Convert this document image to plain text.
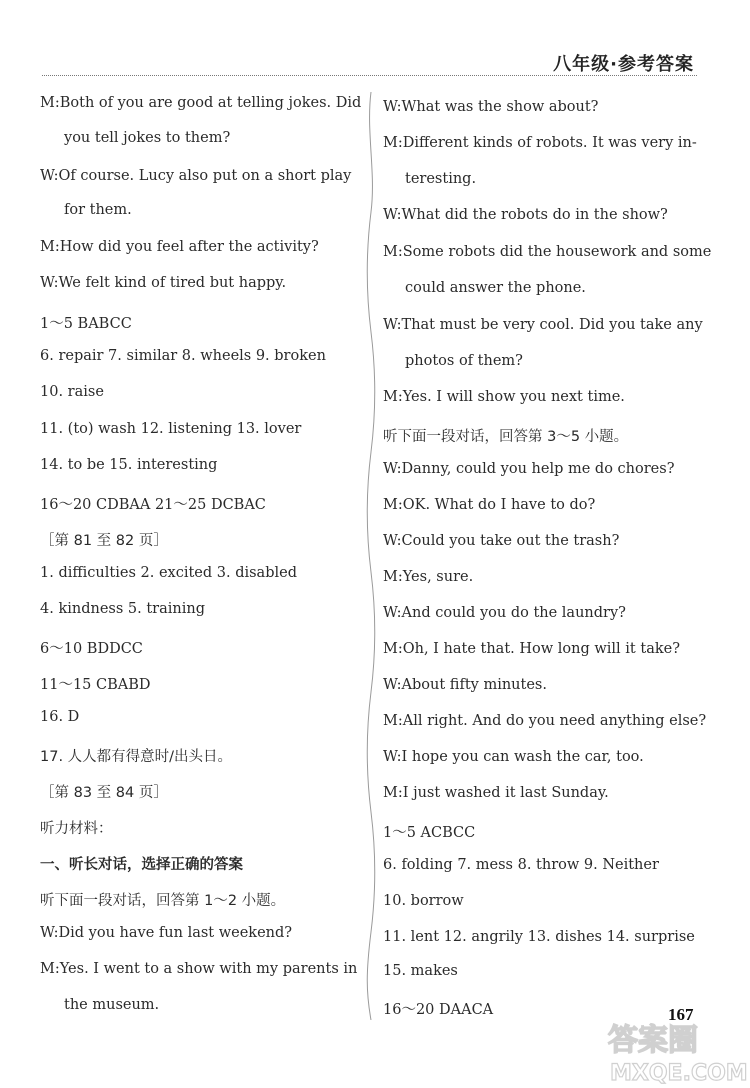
八年级·参考答案
M:Both of you are good at telling jokes. Did
you tell jokes to them?
W:Of course. Lucy also put on a short play
for them.
M:How did you feel after the activity?
W:We felt kind of tired but happy.
1～5 BABCC
6. repair 7. similar 8. wheels 9. broken
10. raise
11. (to) wash 12. listening 13. lover
14. to be 15. interesting
16～20 CDBAA 21～25 DCBAC
［第 81 至 82 页］
1. difficulties 2. excited 3. disabled
4. kindness 5. training
6～10 BDDCC
11～15 CBABD
16. D
17. 人人都有得意时/出头日。
［第 83 至 84 页］
听力材料：
一、听长对话，选择正确的答案
听下面一段对话，回答第 1～2 小题。
W:Did you have fun last weekend?
M:Yes. I went to a show with my parents in
the museum.
W:What was the show about?
M:Different kinds of robots. It was very in-
teresting.
W:What did the robots do in the show?
M:Some robots did the housework and some
could answer the phone.
W:That must be very cool. Did you take any
photos of them?
M:Yes. I will show you next time.
听下面一段对话，回答第 3～5 小题。
W:Danny, could you help me do chores?
M:OK. What do I have to do?
W:Could you take out the trash?
M:Yes, sure.
W:And could you do the laundry?
M:Oh, I hate that. How long will it take?
W:About fifty minutes.
M:All right. And do you need anything else?
W:I hope you can wash the car, too.
M:I just washed it last Sunday.
1～5 ACBCC
6. folding 7. mess 8. throw 9. Neither
10. borrow
11. lent 12. angrily 13. dishes 14. surprise
15. makes
16～20 DAACA	167
答案圈
MXQE.COM
